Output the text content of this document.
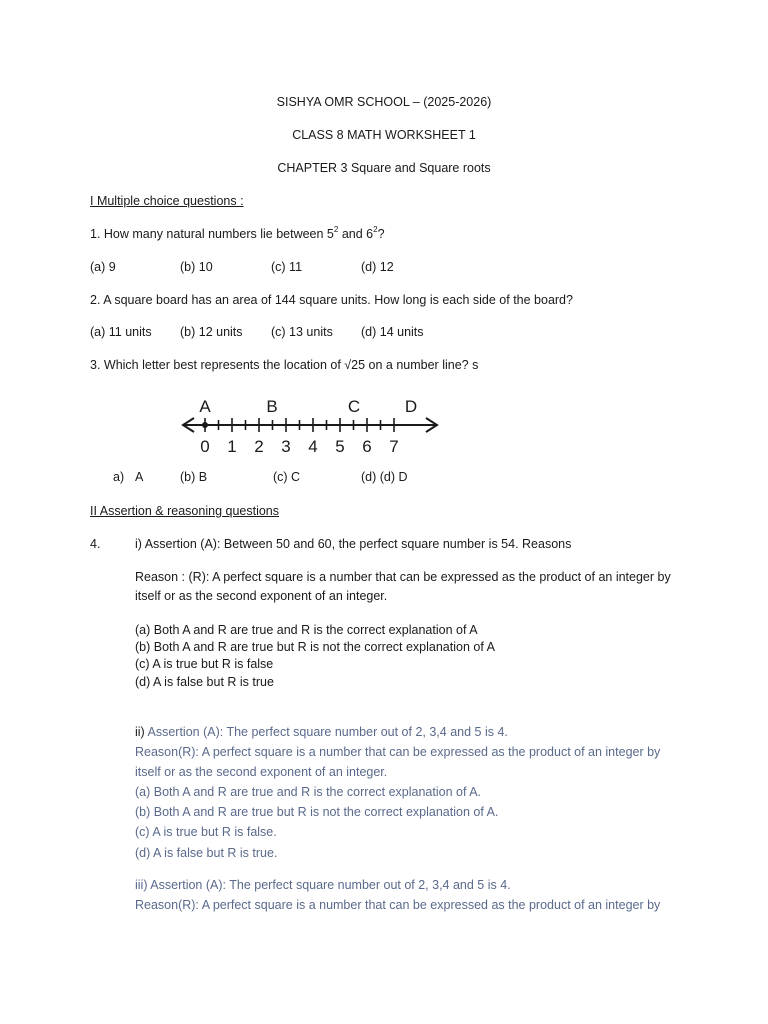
SISHYA OMR SCHOOL – (2025-2026)
CLASS 8 MATH WORKSHEET 1
CHAPTER 3 Square and Square roots
I Multiple choice questions :
1. How many natural numbers lie between $5^2$ and $6^2$?
(a) 9	(b) 10	(c) 11	(d) 12
2. A square board has an area of 144 square units. How long is each side of the board?
(a) 11 units (b) 12 units (c) 13 units (d) 14 units
3. Which letter best represents the location of √25 on a number line? s
A	B	C	D
0 1 2 3 4 5 6 7
a) A	(b) B	(c) C	(d) (d) D
II Assertion & reasoning questions
4.	i) Assertion (A): Between 50 and 60, the perfect square number is 54. Reasons
Reason : (R): A perfect square is a number that can be expressed as the product of an integer by
itself or as the second exponent of an integer.
(a) Both A and R are true and R is the correct explanation of A
(b) Both A and R are true but R is not the correct explanation of A
(c) A is true but R is false
(d) A is false but R is true
ii) Assertion (A): The perfect square number out of 2, 3,4 and 5 is 4.
Reason(R): A perfect square is a number that can be expressed as the product of an integer by
itself or as the second exponent of an integer.
(a) Both A and R are true and R is the correct explanation of A.
(b) Both A and R are true but R is not the correct explanation of A.
(c) A is true but R is false.
(d) A is false but R is true.
iii) Assertion (A): The perfect square number out of 2, 3,4 and 5 is 4.
Reason(R): A perfect square is a number that can be expressed as the product of an integer by
